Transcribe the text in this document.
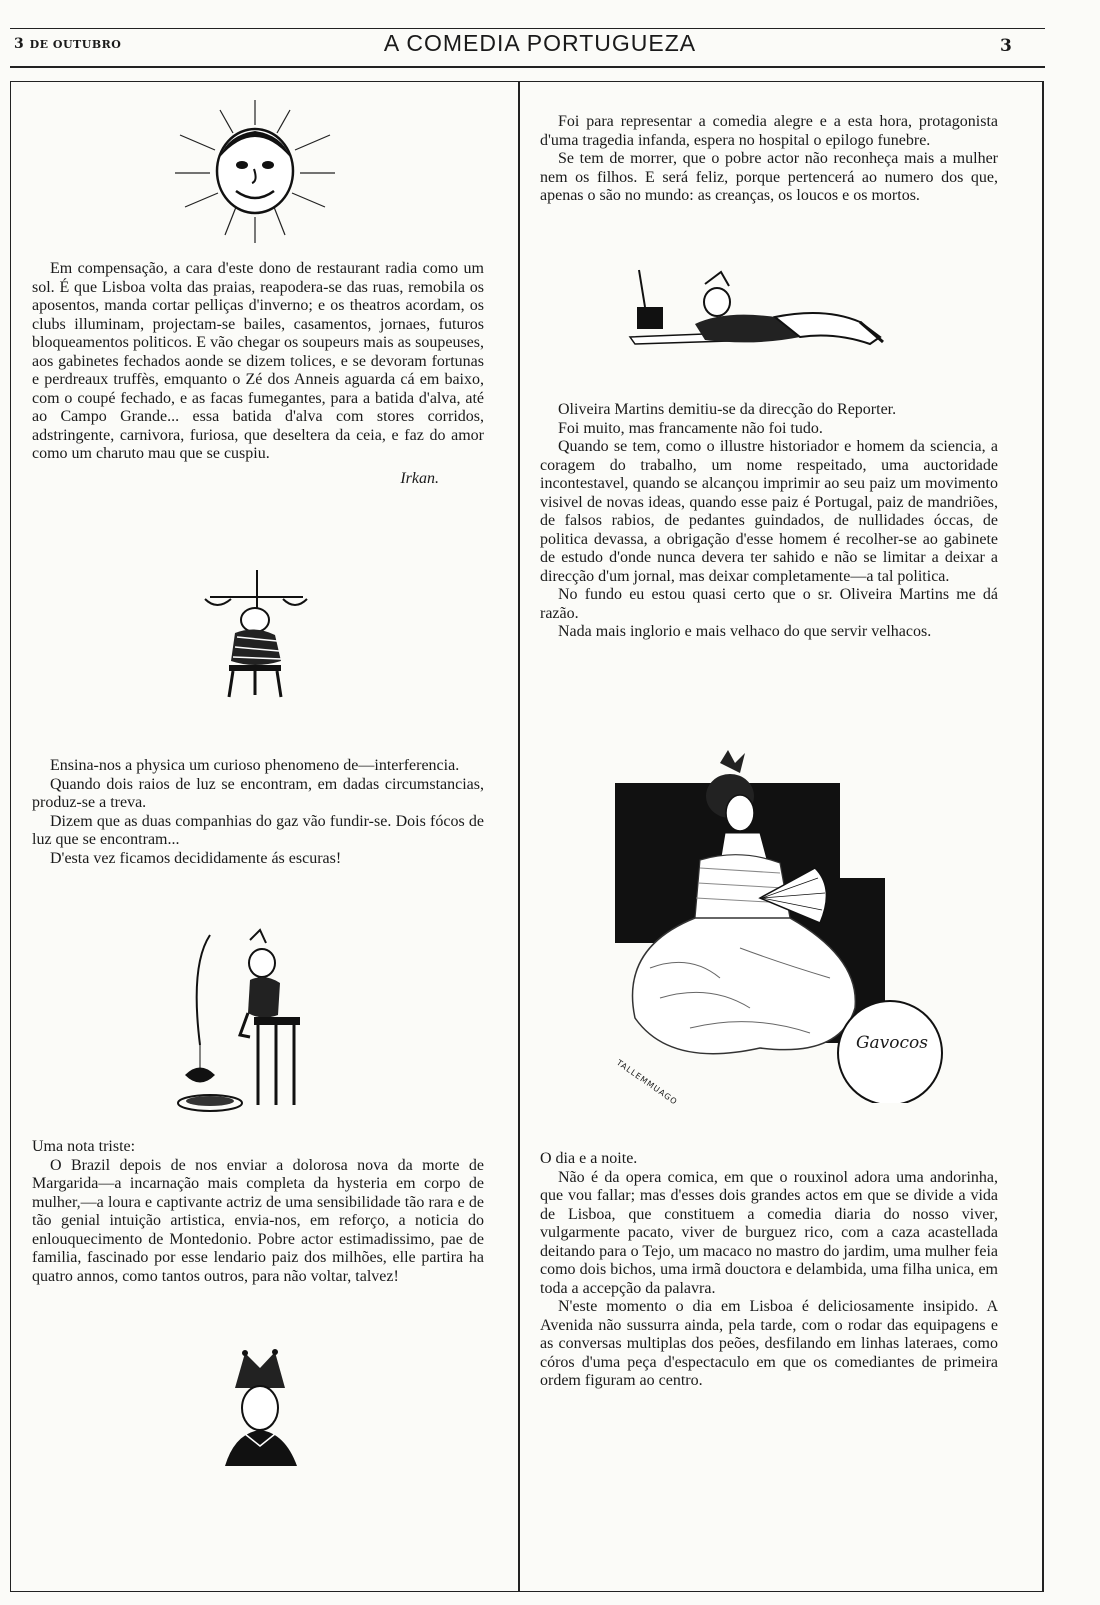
3 DE OUTUBRO	A COMEDIA PORTUGUEZA	3

Em compensação, a cara d'este dono de restaurant radia como um sol. É que Lisboa volta das praias, reapodera-se das ruas, remobila os aposentos, manda cortar pelliças d'inverno; e os theatros acordam, os clubs illuminam, projectam-se bailes, casamentos, jornaes, futuros bloqueamentos politicos. E vão chegar os soupeurs mais as soupeuses, aos gabinetes fechados aonde se dizem tolices, e se devoram fortunas e perdreaux truffès, emquanto o Zé dos Anneis aguarda cá em baixo, com o coupé fechado, e as facas fumegantes, para a batida d'alva, até ao Campo Grande... essa batida d'alva com stores corridos, adstringente, carnivora, furiosa, que deseltera da ceia, e faz do amor como um charuto mau que se cuspiu.

Irkan.

Ensina-nos a physica um curioso phenomeno de—interferencia.

Quando dois raios de luz se encontram, em dadas circumstancias, produz-se a treva.

Dizem que as duas companhias do gaz vão fundir-se. Dois fócos de luz que se encontram...

D'esta vez ficamos decididamente ás escuras!

Uma nota triste:

O Brazil depois de nos enviar a dolorosa nova da morte de Margarida—a incarnação mais completa da hysteria em corpo de mulher,—a loura e captivante actriz de uma sensibilidade tão rara e de tão genial intuição artistica, envia-nos, em reforço, a noticia do enlouquecimento de Montedonio. Pobre actor estimadissimo, pae de familia, fascinado por esse lendario paiz dos milhões, elle partira ha quatro annos, como tantos outros, para não voltar, talvez!

Foi para representar a comedia alegre e a esta hora, protagonista d'uma tragedia infanda, espera no hospital o epilogo funebre.

Se tem de morrer, que o pobre actor não reconheça mais a mulher nem os filhos. E será feliz, porque pertencerá ao numero dos que, apenas o são no mundo: as creanças, os loucos e os mortos.

Oliveira Martins demitiu-se da direcção do Reporter.

Foi muito, mas francamente não foi tudo.

Quando se tem, como o illustre historiador e homem da sciencia, a coragem do trabalho, um nome respeitado, uma auctoridade incontestavel, quando se alcançou imprimir ao seu paiz um movimento visivel de novas ideas, quando esse paiz é Portugal, paiz de mandriões, de falsos rabios, de pedantes guindados, de nullidades óccas, de politica devassa, a obrigação d'esse homem é recolher-se ao gabinete de estudo d'onde nunca devera ter sahido e não se limitar a deixar a direcção d'um jornal, mas deixar completamente—a tal politica.

No fundo eu estou quasi certo que o sr. Oliveira Martins me dá razão.

Nada mais inglorio e mais velhaco do que servir velhacos.

Gavocos
TALLEMMUAGO

O dia e a noite.

Não é da opera comica, em que o rouxinol adora uma andorinha, que vou fallar; mas d'esses dois grandes actos em que se divide a vida de Lisboa, que constituem a comedia diaria do nosso viver, vulgarmente pacato, viver de burguez rico, com a caza acastellada deitando para o Tejo, um macaco no mastro do jardim, uma mulher feia como dois bichos, uma irmã douctora e delambida, uma filha unica, em toda a accepção da palavra.

N'este momento o dia em Lisboa é deliciosamente insipido. A Avenida não sussurra ainda, pela tarde, com o rodar das equipagens e as conversas multiplas dos peões, desfilando em linhas lateraes, como córos d'uma peça d'espectaculo em que os comediantes de primeira ordem figuram ao centro.
